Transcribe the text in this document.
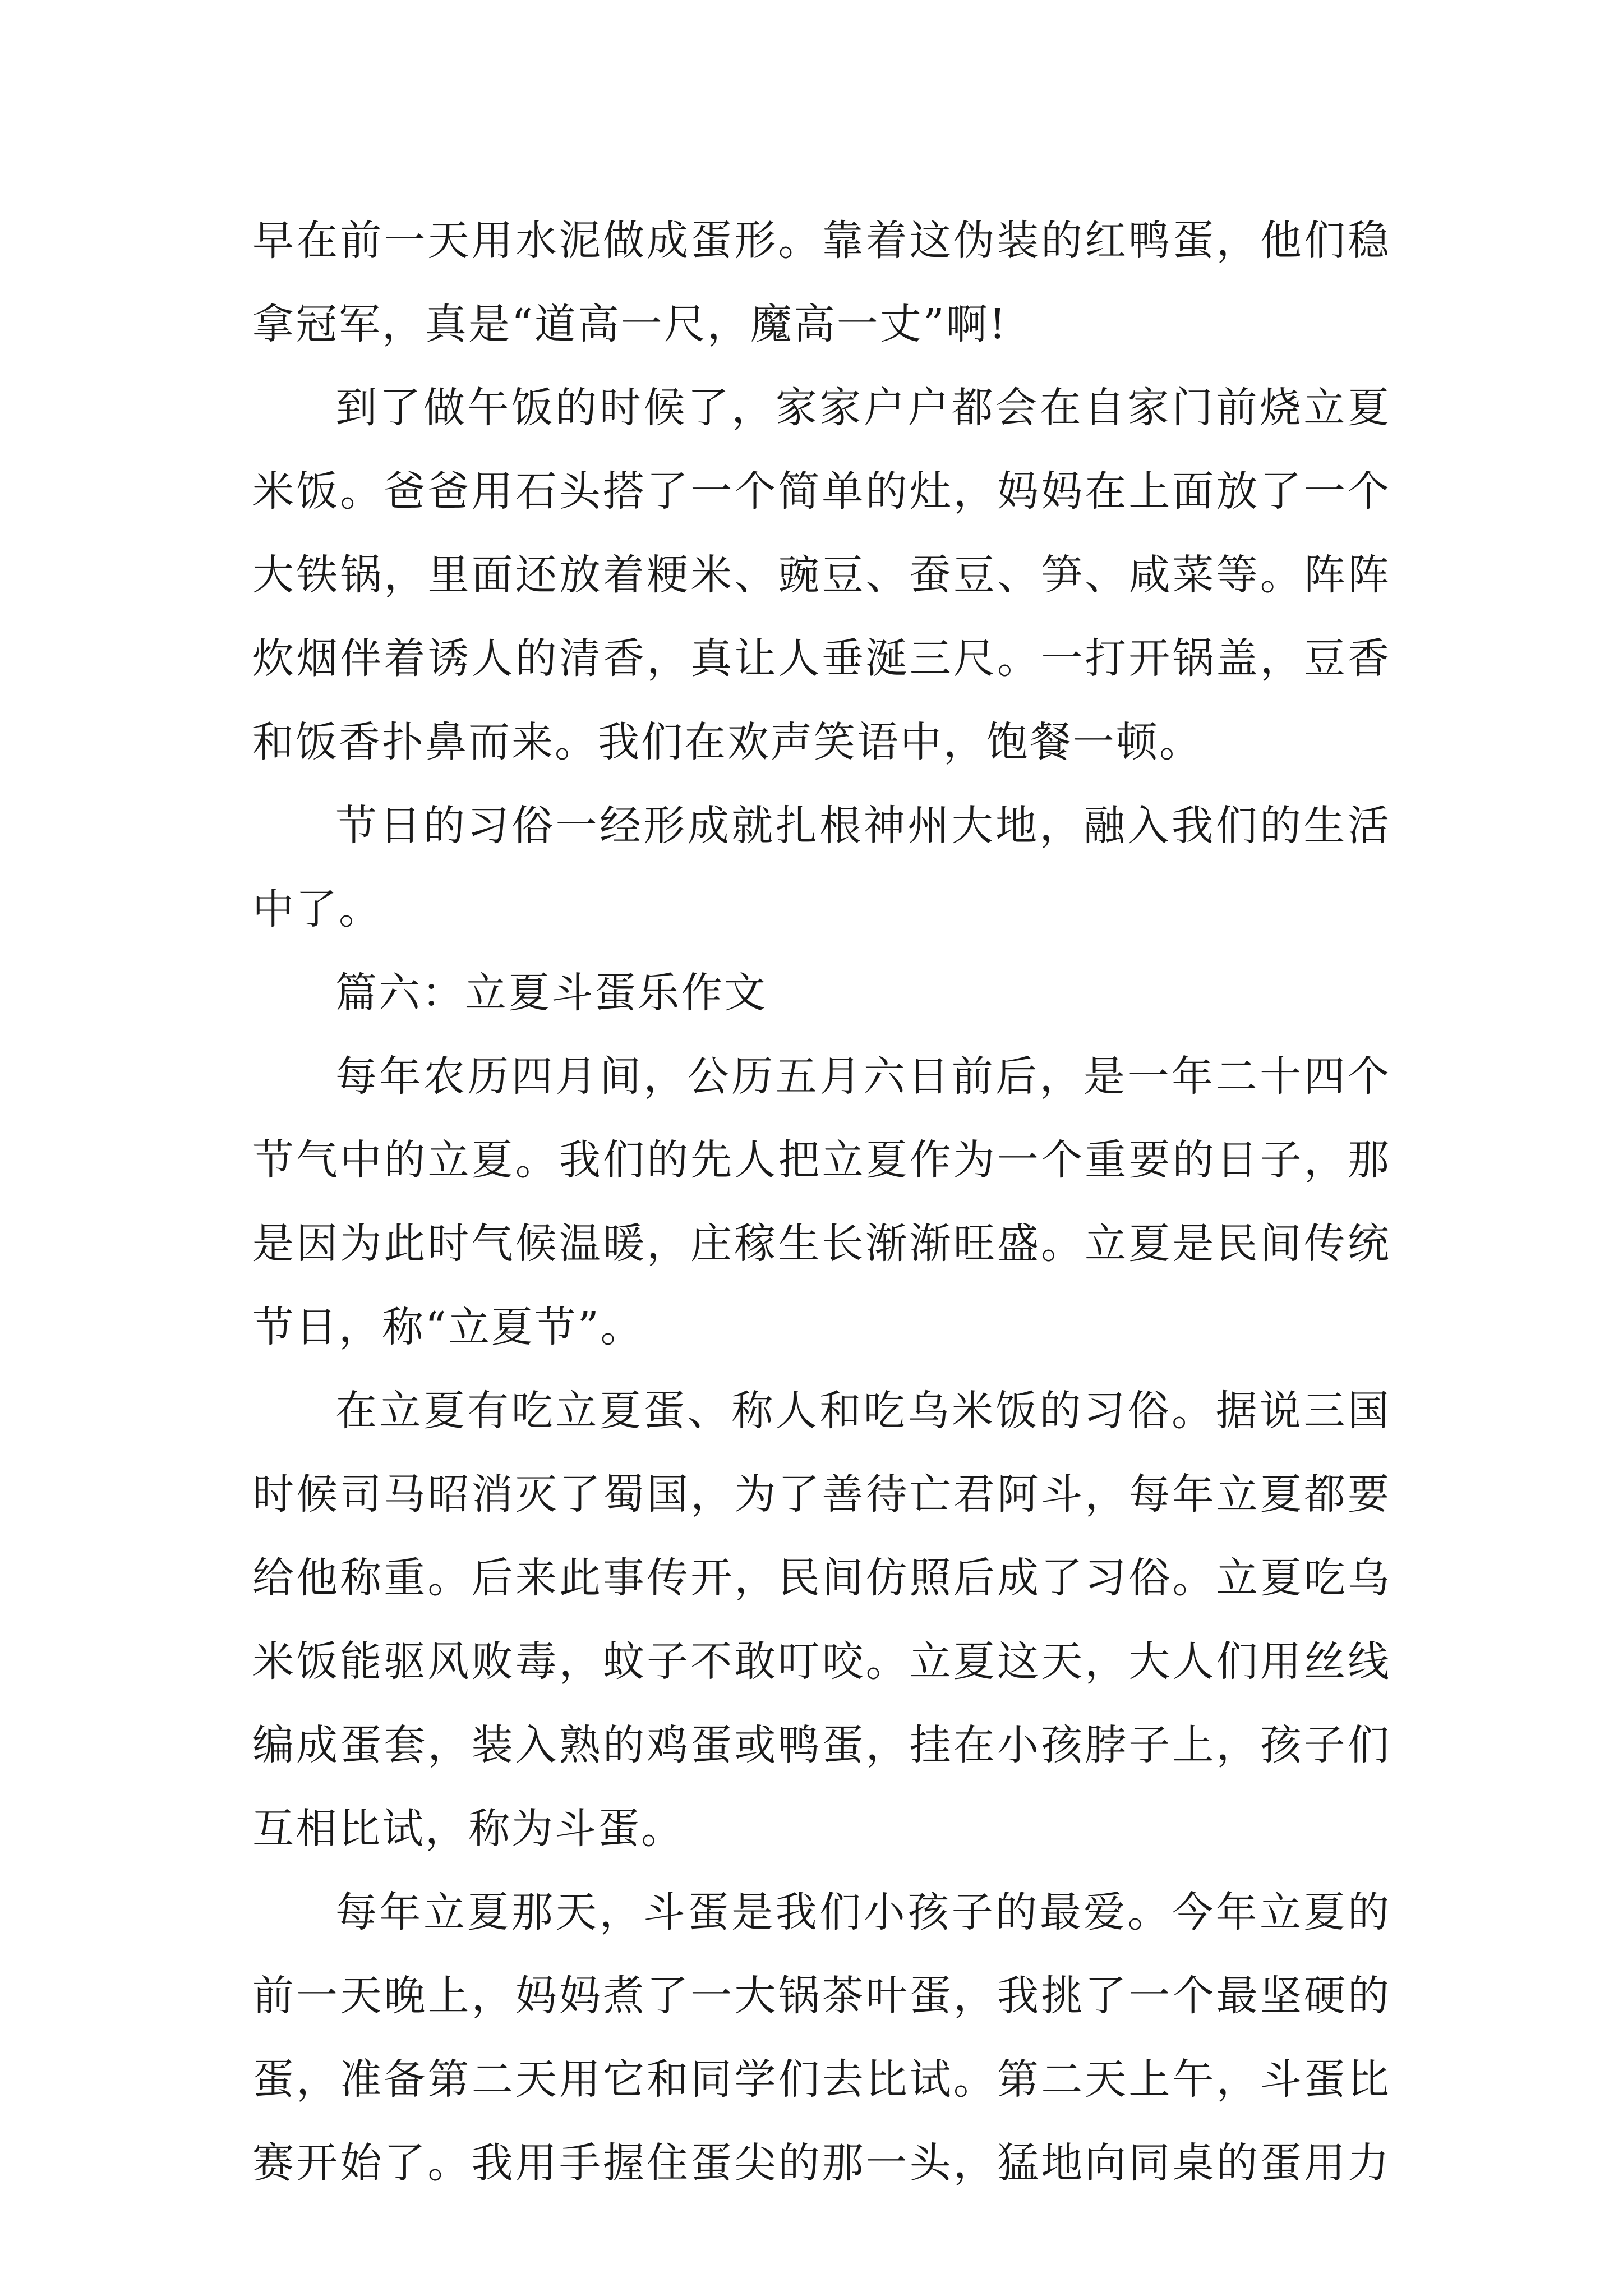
早在前一天用水泥做成蛋形。靠着这伪装的红鸭蛋，他们稳
拿冠军，真是“道高一尺，魔高一丈”啊!
到了做午饭的时候了，家家户户都会在自家门前烧立夏
米饭。爸爸用石头搭了一个简单的灶，妈妈在上面放了一个
大铁锅，里面还放着粳米、豌豆、蚕豆、笋、咸菜等。阵阵
炊烟伴着诱人的清香，真让人垂涎三尺。一打开锅盖，豆香
和饭香扑鼻而来。我们在欢声笑语中，饱餐一顿。
节日的习俗一经形成就扎根神州大地，融入我们的生活
中了。
篇六：立夏斗蛋乐作文
每年农历四月间，公历五月六日前后，是一年二十四个
节气中的立夏。我们的先人把立夏作为一个重要的日子，那
是因为此时气候温暖，庄稼生长渐渐旺盛。立夏是民间传统
节日，称“立夏节”。
在立夏有吃立夏蛋、称人和吃乌米饭的习俗。据说三国
时候司马昭消灭了蜀国，为了善待亡君阿斗，每年立夏都要
给他称重。后来此事传开，民间仿照后成了习俗。立夏吃乌
米饭能驱风败毒，蚊子不敢叮咬。立夏这天，大人们用丝线
编成蛋套，装入熟的鸡蛋或鸭蛋，挂在小孩脖子上，孩子们
互相比试，称为斗蛋。
每年立夏那天，斗蛋是我们小孩子的最爱。今年立夏的
前一天晚上，妈妈煮了一大锅茶叶蛋，我挑了一个最坚硬的
蛋，准备第二天用它和同学们去比试。第二天上午，斗蛋比
赛开始了。我用手握住蛋尖的那一头，猛地向同桌的蛋用力
